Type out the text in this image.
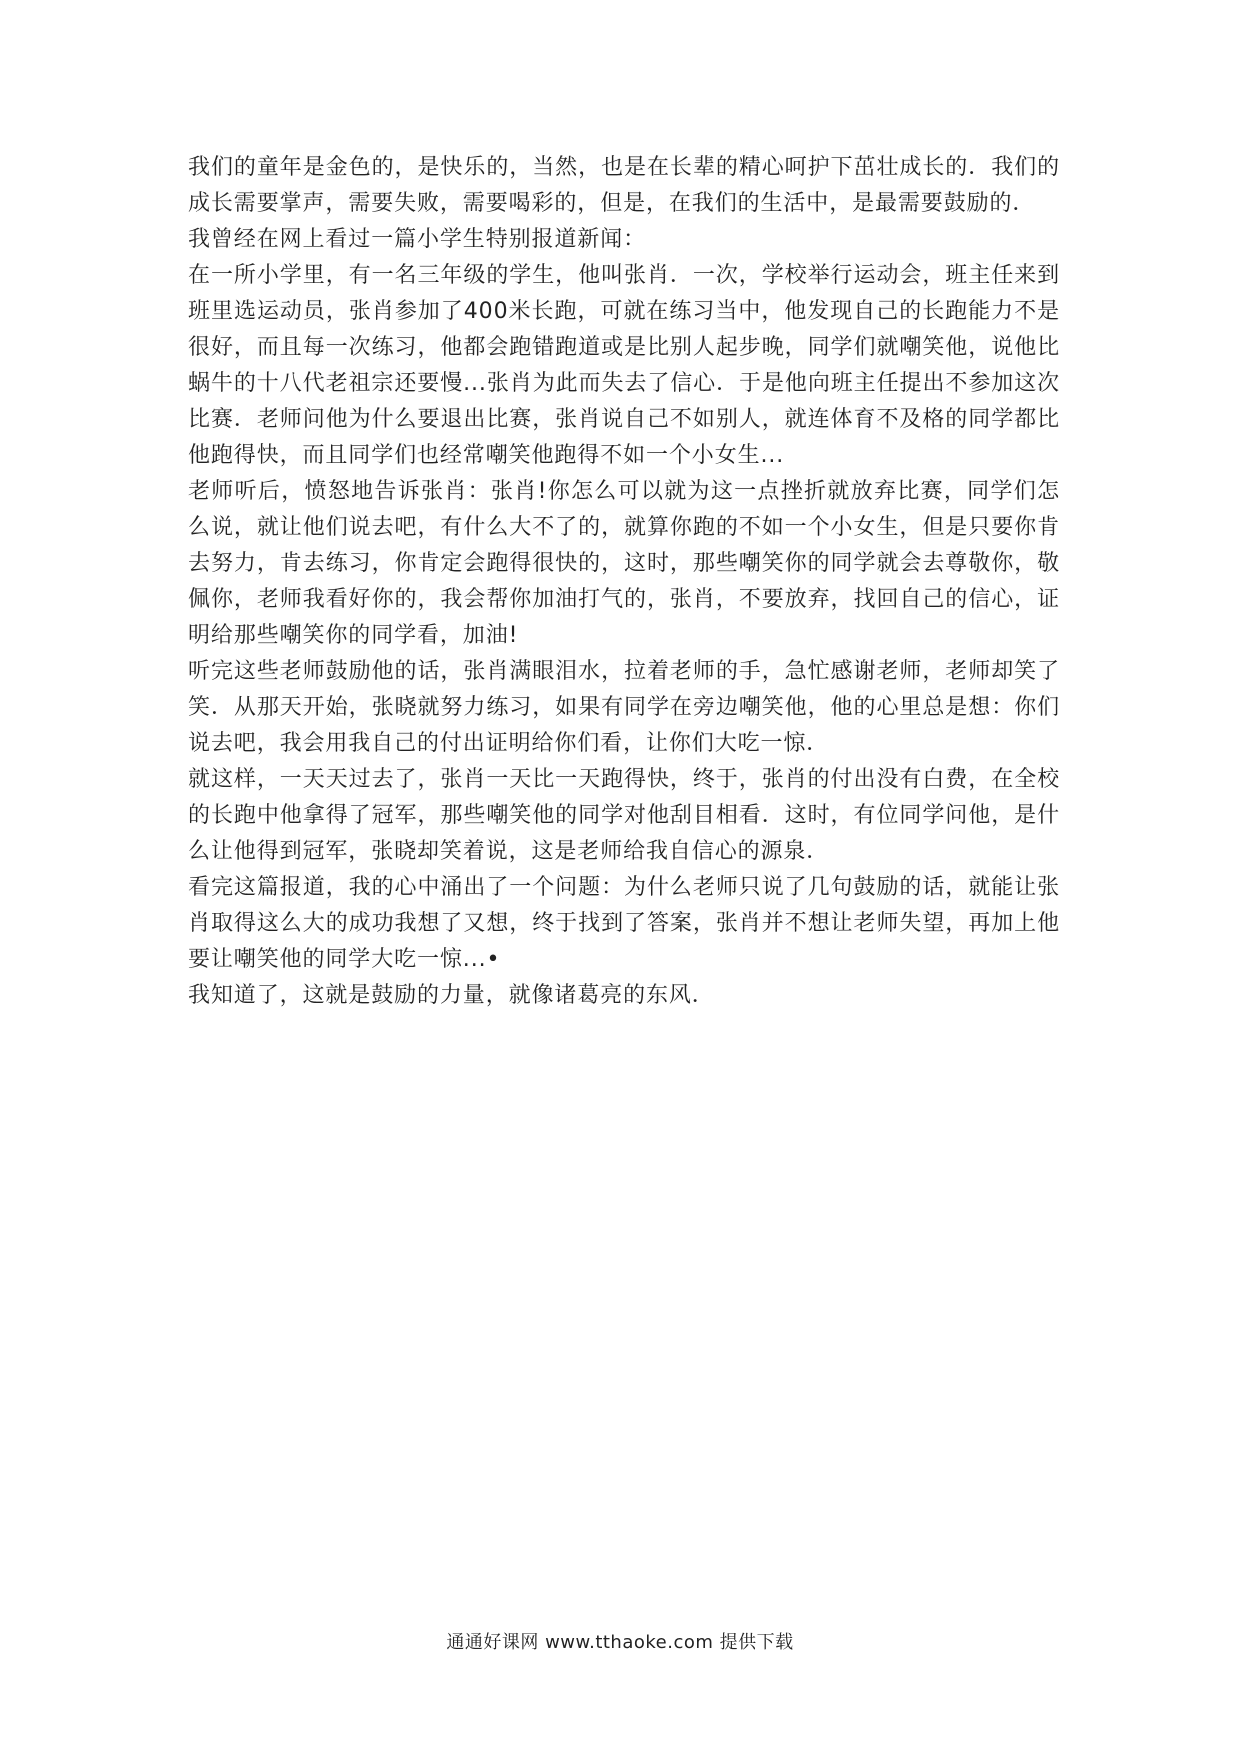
我们的童年是金色的，是快乐的，当然，也是在长辈的精心呵护下茁壮成长的．我们的成长需要掌声，需要失败，需要喝彩的，但是，在我们的生活中，是最需要鼓励的．

我曾经在网上看过一篇小学生特别报道新闻：

在一所小学里，有一名三年级的学生，他叫张肖．一次，学校举行运动会，班主任来到班里选运动员，张肖参加了400米长跑，可就在练习当中，他发现自己的长跑能力不是很好，而且每一次练习，他都会跑错跑道或是比别人起步晚，同学们就嘲笑他，说他比蜗牛的十八代老祖宗还要慢...张肖为此而失去了信心．于是他向班主任提出不参加这次比赛．老师问他为什么要退出比赛，张肖说自己不如别人，就连体育不及格的同学都比他跑得快，而且同学们也经常嘲笑他跑得不如一个小女生...

老师听后，愤怒地告诉张肖：张肖!你怎么可以就为这一点挫折就放弃比赛，同学们怎么说，就让他们说去吧，有什么大不了的，就算你跑的不如一个小女生，但是只要你肯去努力，肯去练习，你肯定会跑得很快的，这时，那些嘲笑你的同学就会去尊敬你，敬佩你，老师我看好你的，我会帮你加油打气的，张肖，不要放弃，找回自己的信心，证明给那些嘲笑你的同学看，加油!

听完这些老师鼓励他的话，张肖满眼泪水，拉着老师的手，急忙感谢老师，老师却笑了笑．从那天开始，张晓就努力练习，如果有同学在旁边嘲笑他，他的心里总是想：你们说去吧，我会用我自己的付出证明给你们看，让你们大吃一惊．

就这样，一天天过去了，张肖一天比一天跑得快，终于，张肖的付出没有白费，在全校的长跑中他拿得了冠军，那些嘲笑他的同学对他刮目相看．这时，有位同学问他，是什么让他得到冠军，张晓却笑着说，这是老师给我自信心的源泉．

看完这篇报道，我的心中涌出了一个问题：为什么老师只说了几句鼓励的话，就能让张肖取得这么大的成功我想了又想，终于找到了答案，张肖并不想让老师失望，再加上他要让嘲笑他的同学大吃一惊...•

我知道了，这就是鼓励的力量，就像诸葛亮的东风．

通通好课网 www.tthaoke.com 提供下载
